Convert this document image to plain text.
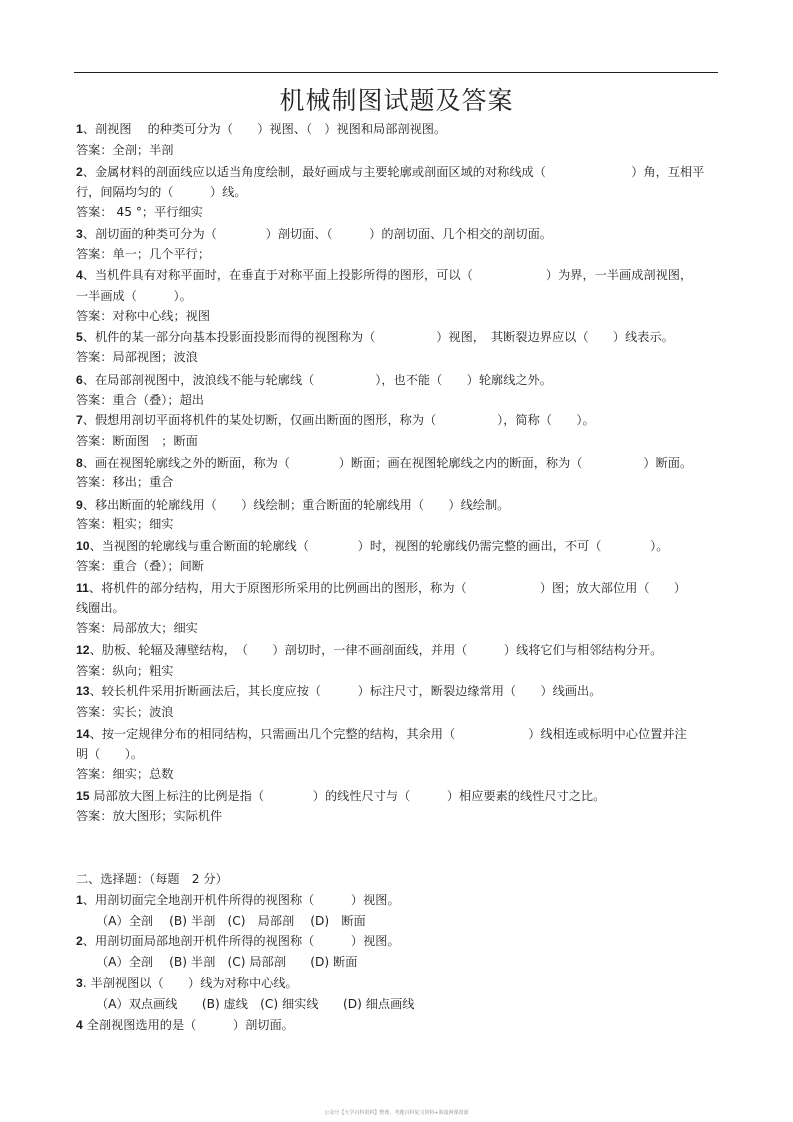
机械制图试题及答案
1、剖视图　 的种类可分为（　　）视图、（　）视图和局部剖视图。
答案：全剖；半剖
2、金属材料的剖面线应以适当角度绘制，最好画成与主要轮廓或剖面区域的对称线成（　　　　　　　）角，互相平
行，间隔均匀的（　　　）线。
答案： 45 °；平行细实
3、剖切面的种类可分为（　　　　）剖切面、（　　　）的剖切面、几个相交的剖切面。
答案：单一；几个平行；
4、当机件具有对称平面时，在垂直于对称平面上投影所得的图形，可以（　　　　　　）为界，一半画成剖视图，
一半画成（　　　）。
答案：对称中心线；视图
5、机件的某一部分向基本投影面投影而得的视图称为（　　　　　）视图，　其断裂边界应以（　　）线表示。
答案：局部视图；波浪
6、在局部剖视图中，波浪线不能与轮廓线（　　　　　），也不能（　　）轮廓线之外。
答案：重合（叠）；超出
7、假想用剖切平面将机件的某处切断，仅画出断面的图形，称为（　　　　　），简称（　　）。
答案：断面图　；断面
8、画在视图轮廓线之外的断面，称为（　　　　）断面；画在视图轮廓线之内的断面，称为（　　　　　）断面。
答案：移出；重合
9、移出断面的轮廓线用（　　）线绘制；重合断面的轮廓线用（　　）线绘制。
答案：粗实；细实
10、当视图的轮廓线与重合断面的轮廓线（　　　　）时，视图的轮廓线仍需完整的画出，不可（　　　　）。
答案：重合（叠）；间断
11、将机件的部分结构，用大于原图形所采用的比例画出的图形，称为（　　　　　　）图；放大部位用（　　）
线圈出。
答案：局部放大；细实
12、肋板、轮辐及薄壁结构，　（　　）剖切时，一律不画剖面线，并用（　　　）线将它们与相邻结构分开。
答案：纵向；粗实
13、较长机件采用折断画法后，其长度应按（　　　）标注尺寸，断裂边缘常用（　　）线画出。
答案：实长；波浪
14、按一定规律分布的相同结构，只需画出几个完整的结构，其余用（　　　　　　）线相连或标明中心位置并注
明（　　）。
答案：细实；总数
15 局部放大图上标注的比例是指（　　　　）的线性尺寸与（　　　）相应要素的线性尺寸之比。
答案：放大图形；实际机件
二、选择题：（每题　2 分）
1、用剖切面完全地剖开机件所得的视图称（　　　）视图。
（A）全剖　 (B) 半剖　(C)　局部剖　 (D)　断面
2、用剖切面局部地剖开机件所得的视图称（　　　）视图。
（A）全剖　 (B) 半剖　(C) 局部剖　　(D) 断面
3. 半剖视图以（　　）线为对称中心线。
（A）双点画线　　(B) 虚线　(C) 细实线　　(D) 细点画线
4 全剖视图选用的是（　　　）剖切面。
公众号【大学百科资料】整理，考题百科复习资料+海量网课资源
